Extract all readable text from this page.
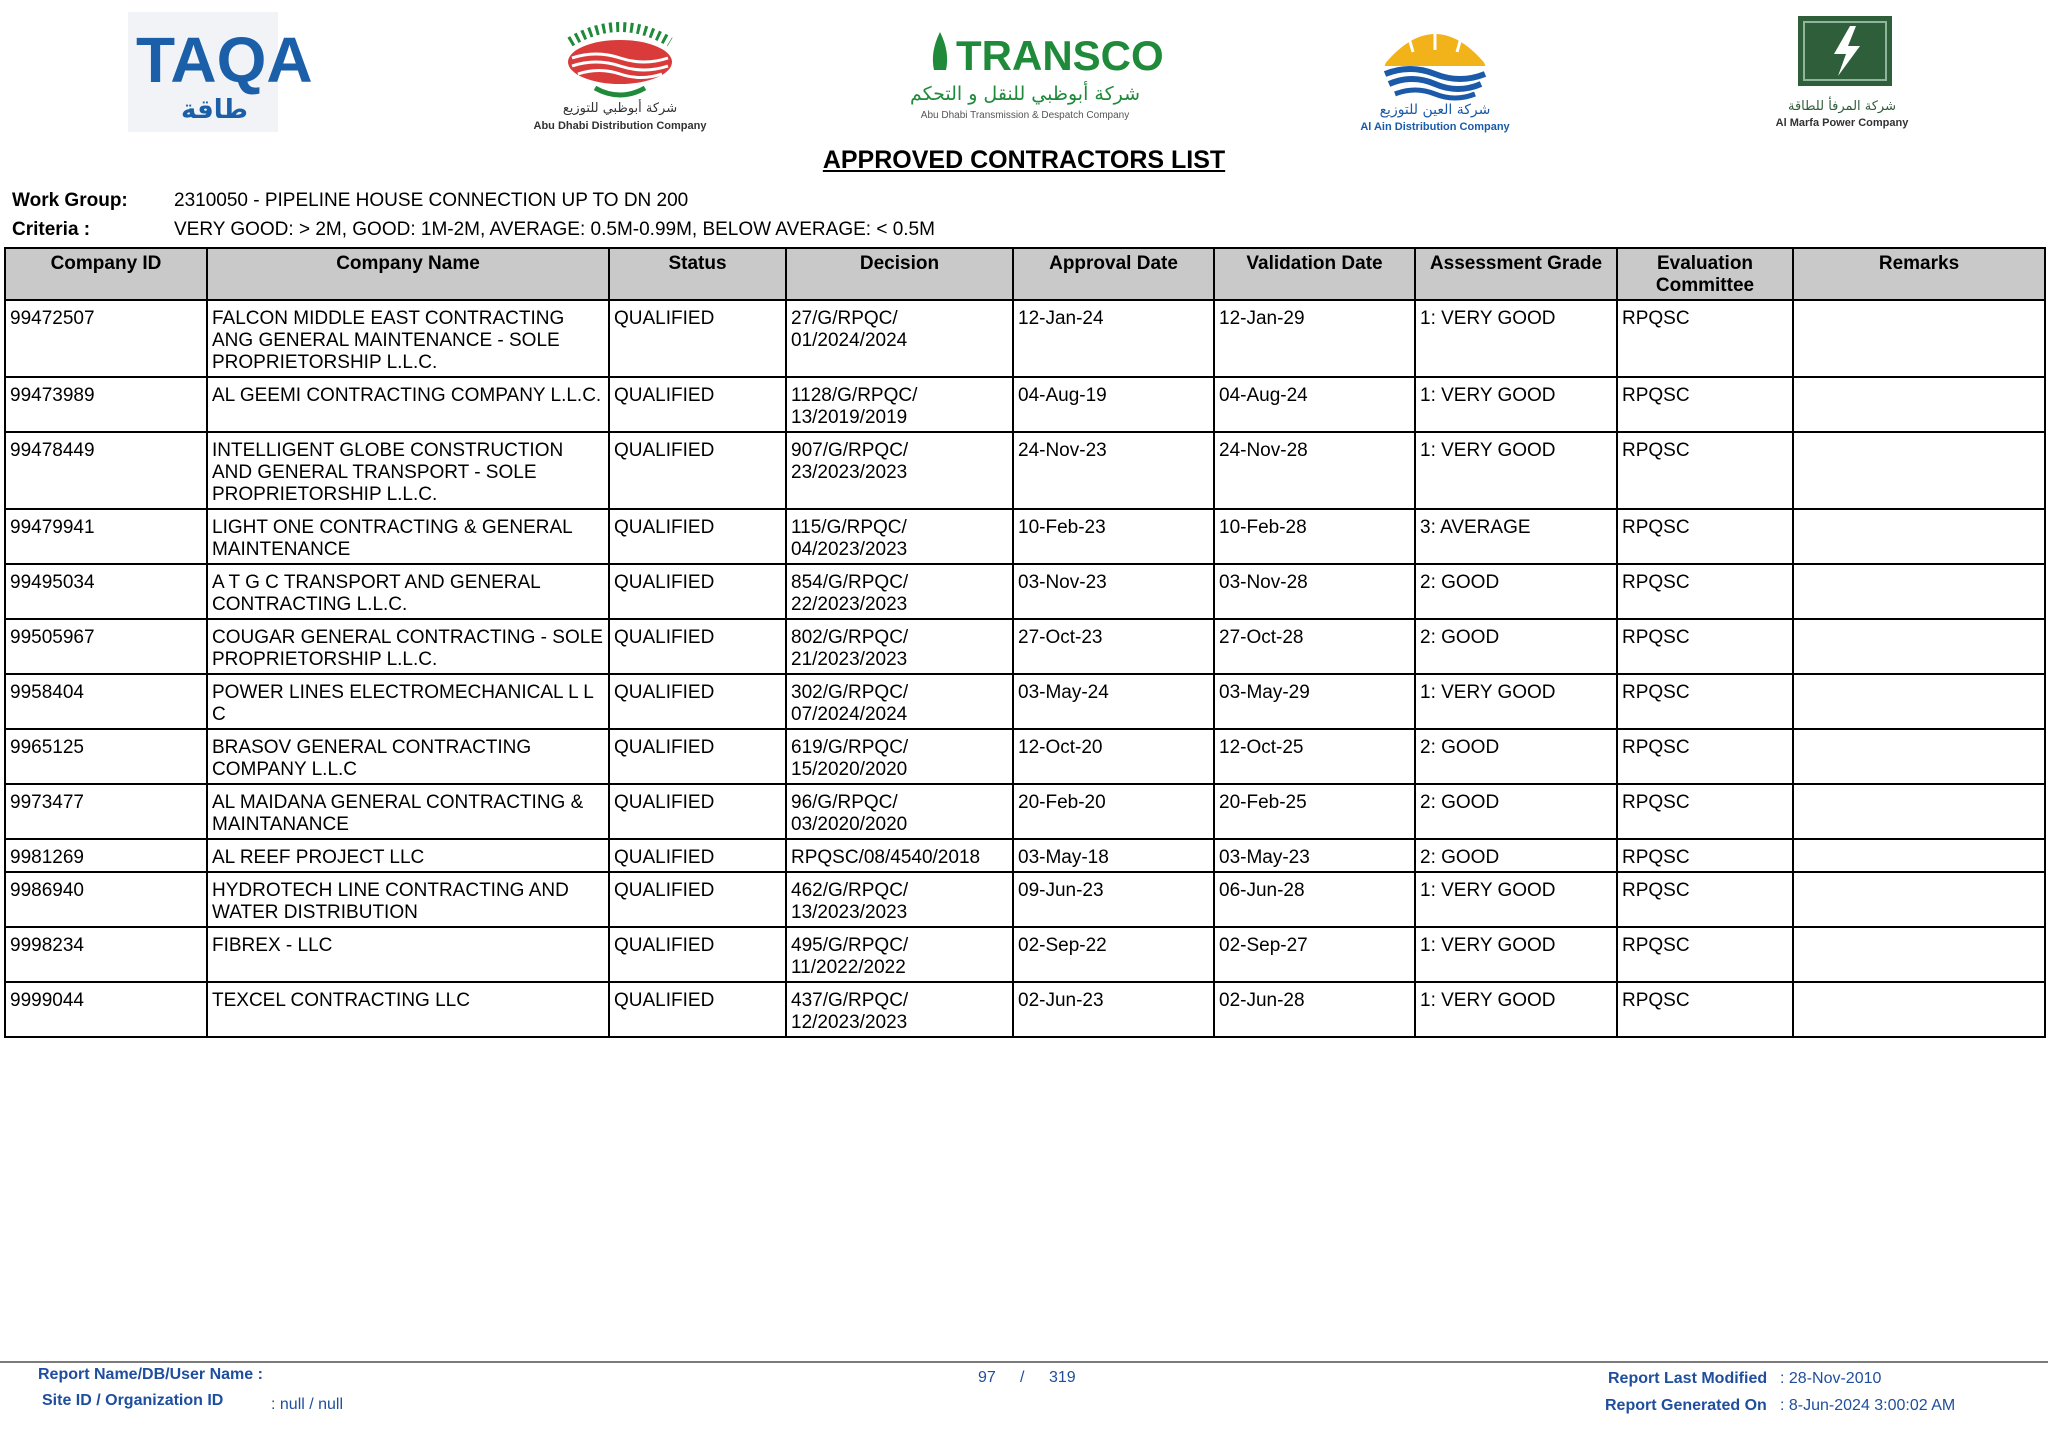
TAQA
طاقة	شركة أبوظبي للتوزيع
Abu Dhabi Distribution Company
TRANSCO
شركة أبوظبي للنقل و التحكم
Abu Dhabi Transmission & Despatch Company	شركة العين للتوزيع
Al Ain Distribution Company
شركة المرفأ للطاقة
Al Marfa Power Company
APPROVED CONTRACTORS LIST
Work Group: 2310050 - PIPELINE HOUSE CONNECTION UP TO DN 200
Criteria :	VERY GOOD: > 2M, GOOD: 1M-2M, AVERAGE: 0.5M-0.99M, BELOW AVERAGE: < 0.5M
Company ID	Company Name	Status	Decision	Approval Date	Validation Date	Assessment Grade	Evaluation Committee	Remarks
99472507	FALCON MIDDLE EAST CONTRACTING ANG GENERAL MAINTENANCE - SOLE PROPRIETORSHIP L.L.C.	QUALIFIED	27/G/RPQC/ 01/2024/2024	12-Jan-24	12-Jan-29	1: VERY GOOD	RPQSC	
99473989	AL GEEMI CONTRACTING COMPANY L.L.C.	QUALIFIED	1128/G/RPQC/ 13/2019/2019	04-Aug-19	04-Aug-24	1: VERY GOOD	RPQSC	
99478449	INTELLIGENT GLOBE CONSTRUCTION AND GENERAL TRANSPORT - SOLE PROPRIETORSHIP L.L.C.	QUALIFIED	907/G/RPQC/ 23/2023/2023	24-Nov-23	24-Nov-28	1: VERY GOOD	RPQSC	
99479941	LIGHT ONE CONTRACTING & GENERAL MAINTENANCE	QUALIFIED	115/G/RPQC/ 04/2023/2023	10-Feb-23	10-Feb-28	3: AVERAGE	RPQSC	
99495034	A T G C TRANSPORT AND GENERAL CONTRACTING L.L.C.	QUALIFIED	854/G/RPQC/ 22/2023/2023	03-Nov-23	03-Nov-28	2: GOOD	RPQSC	
99505967	COUGAR GENERAL CONTRACTING - SOLE PROPRIETORSHIP L.L.C.	QUALIFIED	802/G/RPQC/ 21/2023/2023	27-Oct-23	27-Oct-28	2: GOOD	RPQSC	
9958404	POWER LINES ELECTROMECHANICAL L L C	QUALIFIED	302/G/RPQC/ 07/2024/2024	03-May-24	03-May-29	1: VERY GOOD	RPQSC	
9965125	BRASOV GENERAL CONTRACTING COMPANY L.L.C	QUALIFIED	619/G/RPQC/ 15/2020/2020	12-Oct-20	12-Oct-25	2: GOOD	RPQSC	
9973477	AL MAIDANA GENERAL CONTRACTING & MAINTANANCE	QUALIFIED	96/G/RPQC/ 03/2020/2020	20-Feb-20	20-Feb-25	2: GOOD	RPQSC	
9981269	AL REEF PROJECT LLC	QUALIFIED	RPQSC/08/4540/2018	03-May-18	03-May-23	2: GOOD	RPQSC	
9986940	HYDROTECH LINE CONTRACTING AND WATER DISTRIBUTION	QUALIFIED	462/G/RPQC/ 13/2023/2023	09-Jun-23	06-Jun-28	1: VERY GOOD	RPQSC	
9998234	FIBREX - LLC	QUALIFIED	495/G/RPQC/ 11/2022/2022	02-Sep-22	02-Sep-27	1: VERY GOOD	RPQSC	
9999044	TEXCEL CONTRACTING LLC	QUALIFIED	437/G/RPQC/ 12/2023/2023	02-Jun-23	02-Jun-28	1: VERY GOOD	RPQSC	
Report Name/DB/User Name :
Site ID / Organization ID	: null / null
97 / 319	Report Last Modified : 28-Nov-2010
Report Generated On : 8-Jun-2024 3:00:02 AM
